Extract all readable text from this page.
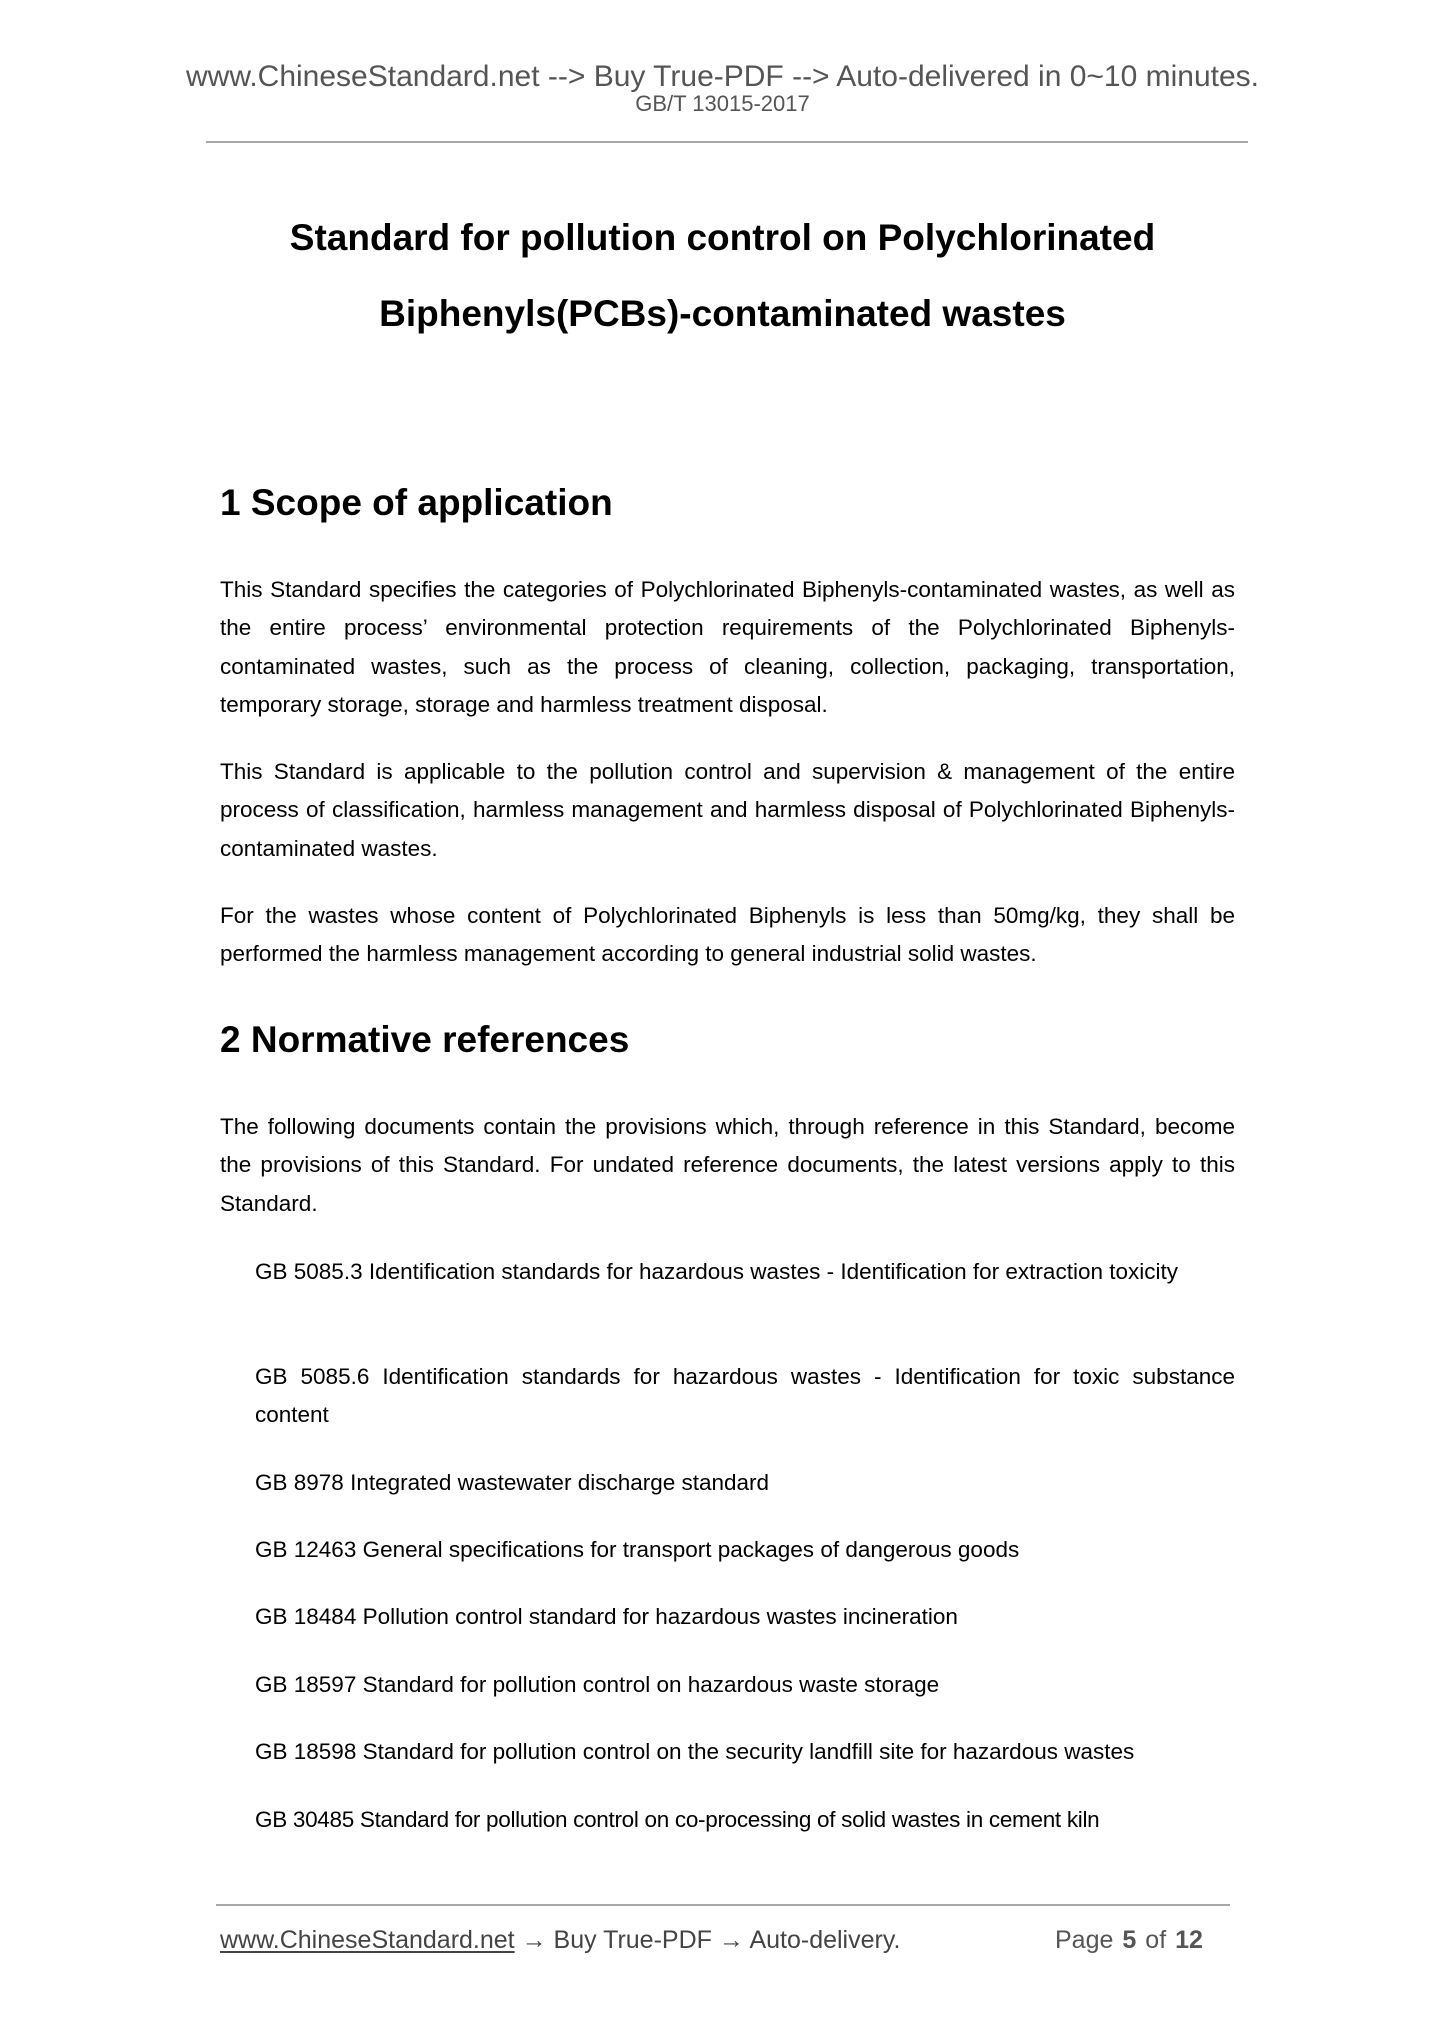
www.ChineseStandard.net --> Buy True-PDF --> Auto-delivered in 0~10 minutes.
GB/T 13015-2017
Standard for pollution control on Polychlorinated
Biphenyls(PCBs)-contaminated wastes
1 Scope of application
This Standard specifies the categories of Polychlorinated Biphenyls-contaminated wastes, as well as the entire process’ environmental protection requirements of the Polychlorinated Biphenyls-contaminated wastes, such as the process of cleaning, collection, packaging, transportation, temporary storage, storage and harmless treatment disposal.
This Standard is applicable to the pollution control and supervision & management of the entire process of classification, harmless management and harmless disposal of Polychlorinated Biphenyls-contaminated wastes.
For the wastes whose content of Polychlorinated Biphenyls is less than 50mg/kg, they shall be performed the harmless management according to general industrial solid wastes.
2 Normative references
The following documents contain the provisions which, through reference in this Standard, become the provisions of this Standard. For undated reference documents, the latest versions apply to this Standard.
GB 5085.3 Identification standards for hazardous wastes - Identification for extraction toxicity
GB 5085.6 Identification standards for hazardous wastes - Identification for toxic substance content
GB 8978 Integrated wastewater discharge standard
GB 12463 General specifications for transport packages of dangerous goods
GB 18484 Pollution control standard for hazardous wastes incineration
GB 18597 Standard for pollution control on hazardous waste storage
GB 18598 Standard for pollution control on the security landfill site for hazardous wastes
GB 30485 Standard for pollution control on co-processing of solid wastes in cement kiln
www.ChineseStandard.net → Buy True-PDF → Auto-delivery.	Page 5 of 12
